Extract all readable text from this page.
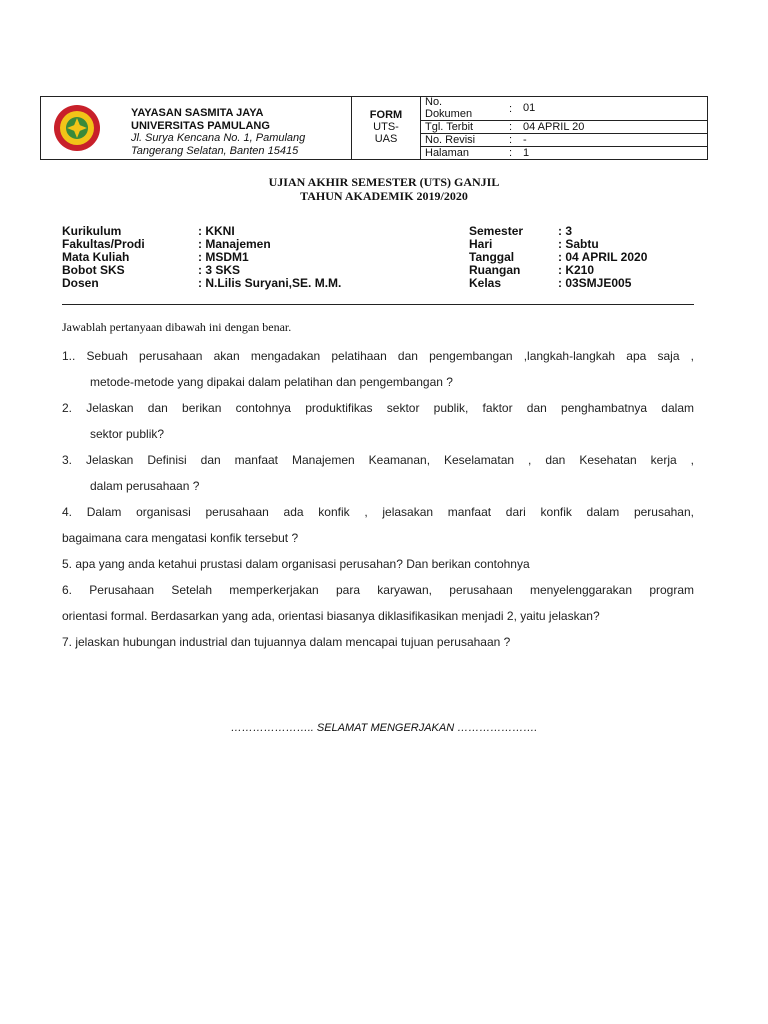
YAYASAN SASMITA JAYA
UNIVERSITAS PAMULANG
Jl. Surya Kencana No. 1, Pamulang
Tangerang Selatan, Banten 15415
FORM
UTS-
UAS
No.
Dokumen	: 01
Tgl. Terbit	: 04 APRIL 20
No. Revisi	: -
Halaman	: 1
UJIAN AKHIR SEMESTER (UTS) GANJIL
TAHUN AKADEMIK 2019/2020
Kurikulum	: KKNI
Fakultas/Prodi	: Manajemen
Mata Kuliah	: MSDM1
Bobot SKS	: 3 SKS
Dosen	: N.Lilis Suryani,SE. M.M.
Semester	: 3
Hari	: Sabtu
Tanggal	: 04 APRIL 2020
Ruangan	: K210
Kelas	: 03SMJE005
Jawablah pertanyaan dibawah ini dengan benar.
1.. Sebuah perusahaan akan mengadakan pelatihaan dan pengembangan ,langkah-langkah apa saja ,
metode-metode yang dipakai dalam pelatihan dan pengembangan ?
2. Jelaskan dan berikan contohnya produktifikas sektor publik, faktor dan penghambatnya dalam
sektor publik?
3. Jelaskan Definisi dan manfaat Manajemen Keamanan, Keselamatan , dan Kesehatan kerja ,
dalam perusahaan ?
4. Dalam organisasi perusahaan ada konfik , jelasakan manfaat dari konfik dalam perusahan,
bagaimana cara mengatasi konfik tersebut ?
5. apa yang anda ketahui prustasi dalam organisasi perusahan? Dan berikan contohnya
6. Perusahaan Setelah memperkerjakan para karyawan, perusahaan menyelenggarakan program
orientasi formal. Berdasarkan yang ada, orientasi biasanya diklasifikasikan menjadi 2, yaitu jelaskan?
7. jelaskan hubungan industrial dan tujuannya dalam mencapai tujuan perusahaan ?
………………….. SELAMAT MENGERJAKAN ………………….
